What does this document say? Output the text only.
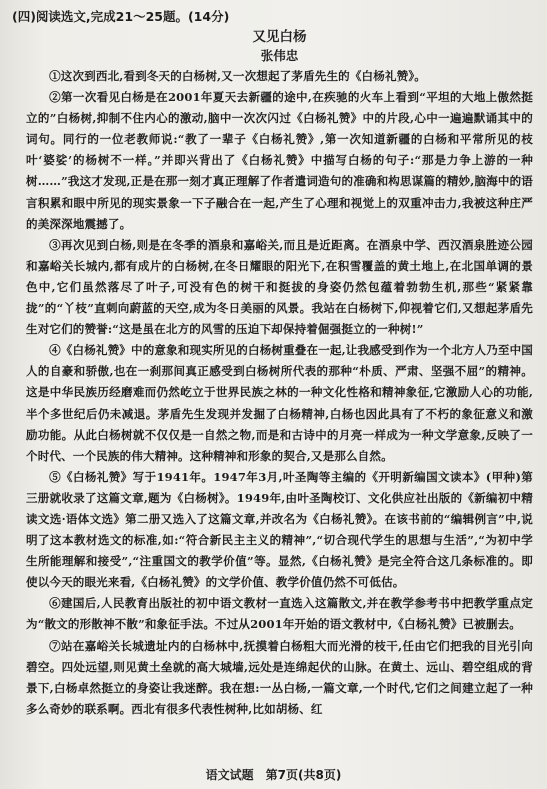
(四)阅读选文,完成21～25题。(14分)

又见白杨

张伟忠

①这次到西北,看到冬天的白杨树,又一次想起了茅盾先生的《白杨礼赞》。

②第一次看见白杨是在2001年夏天去新疆的途中,在疾驰的火车上看到“平坦的大地上傲然挺立的”白杨树,抑制不住内心的激动,脑中一次次闪过《白杨礼赞》中的片段,心中一遍遍默诵其中的词句。同行的一位老教师说:“教了一辈子《白杨礼赞》,第一次知道新疆的白杨和平常所见的枝叶‘婆娑’的杨树不一样。”并即兴背出了《白杨礼赞》中描写白杨的句子:“那是力争上游的一种树……”我这才发现,正是在那一刻才真正理解了作者遣词造句的准确和构思谋篇的精妙,脑海中的语言积累和眼中所见的现实景象一下子融合在一起,产生了心理和视觉上的双重冲击力,我被这种庄严的美深深地震撼了。

③再次见到白杨,则是在冬季的酒泉和嘉峪关,而且是近距离。在酒泉中学、西汉酒泉胜迹公园和嘉峪关长城内,都有成片的白杨树,在冬日耀眼的阳光下,在积雪覆盖的黄土地上,在北国单调的景色中,它们虽然落尽了叶子,可没有色的树干和挺拔的身姿仍然包蕴着勃勃生机,那些“紧紧靠拢”的“丫枝”直刺向蔚蓝的天空,成为冬日美丽的风景。我站在白杨树下,仰视着它们,又想起茅盾先生对它们的赞誉:“这是虽在北方的风雪的压迫下却保持着倔强挺立的一种树!”

④《白杨礼赞》中的意象和现实所见的白杨树重叠在一起,让我感受到作为一个北方人乃至中国人的自豪和骄傲,也在一刹那间真正感受到白杨树所代表的那种“朴质、严肃、坚强不屈”的精神。这是中华民族历经磨难而仍然屹立于世界民族之林的一种文化性格和精神象征,它激励人心的功能,半个多世纪后仍未减退。茅盾先生发现并发掘了白杨精神,白杨也因此具有了不朽的象征意义和激励功能。从此白杨树就不仅仅是一自然之物,而是和古诗中的月亮一样成为一种文学意象,反映了一个时代、一个民族的伟大精神。这种精神和形象的契合,又是那么自然。

⑤《白杨礼赞》写于1941年。1947年3月,叶圣陶等主编的《开明新编国文读本》(甲种)第三册就收录了这篇文章,题为《白杨树》。1949年,由叶圣陶校订、文化供应社出版的《新编初中精读文选·语体文选》第二册又选入了这篇文章,并改名为《白杨礼赞》。在该书前的“编辑例言”中,说明了这本教材选文的标准,如:“符合新民主主义的精神”,“切合现代学生的思想与生活”,“为初中学生所能理解和接受”,“注重国文的教学价值”等。显然,《白杨礼赞》是完全符合这几条标准的。即使以今天的眼光来看,《白杨礼赞》的文学价值、教学价值仍然不可低估。

⑥建国后,人民教育出版社的初中语文教材一直选入这篇散文,并在教学参考书中把教学重点定为“散文的形散神不散”和象征手法。不过从2001年开始的语文教材中,《白杨礼赞》已被删去。

⑦站在嘉峪关长城遗址内的白杨林中,抚摸着白杨粗大而光滑的枝干,任由它们把我的目光引向碧空。四处远望,则见黄土垒就的高大城墙,远处是连绵起伏的山脉。在黄土、远山、碧空组成的背景下,白杨卓然挺立的身姿让我迷醉。我在想:一丛白杨,一篇文章,一个时代,它们之间建立起了一种多么奇妙的联系啊。西北有很多代表性树种,比如胡杨、红

语文试题　第7页(共8页)
